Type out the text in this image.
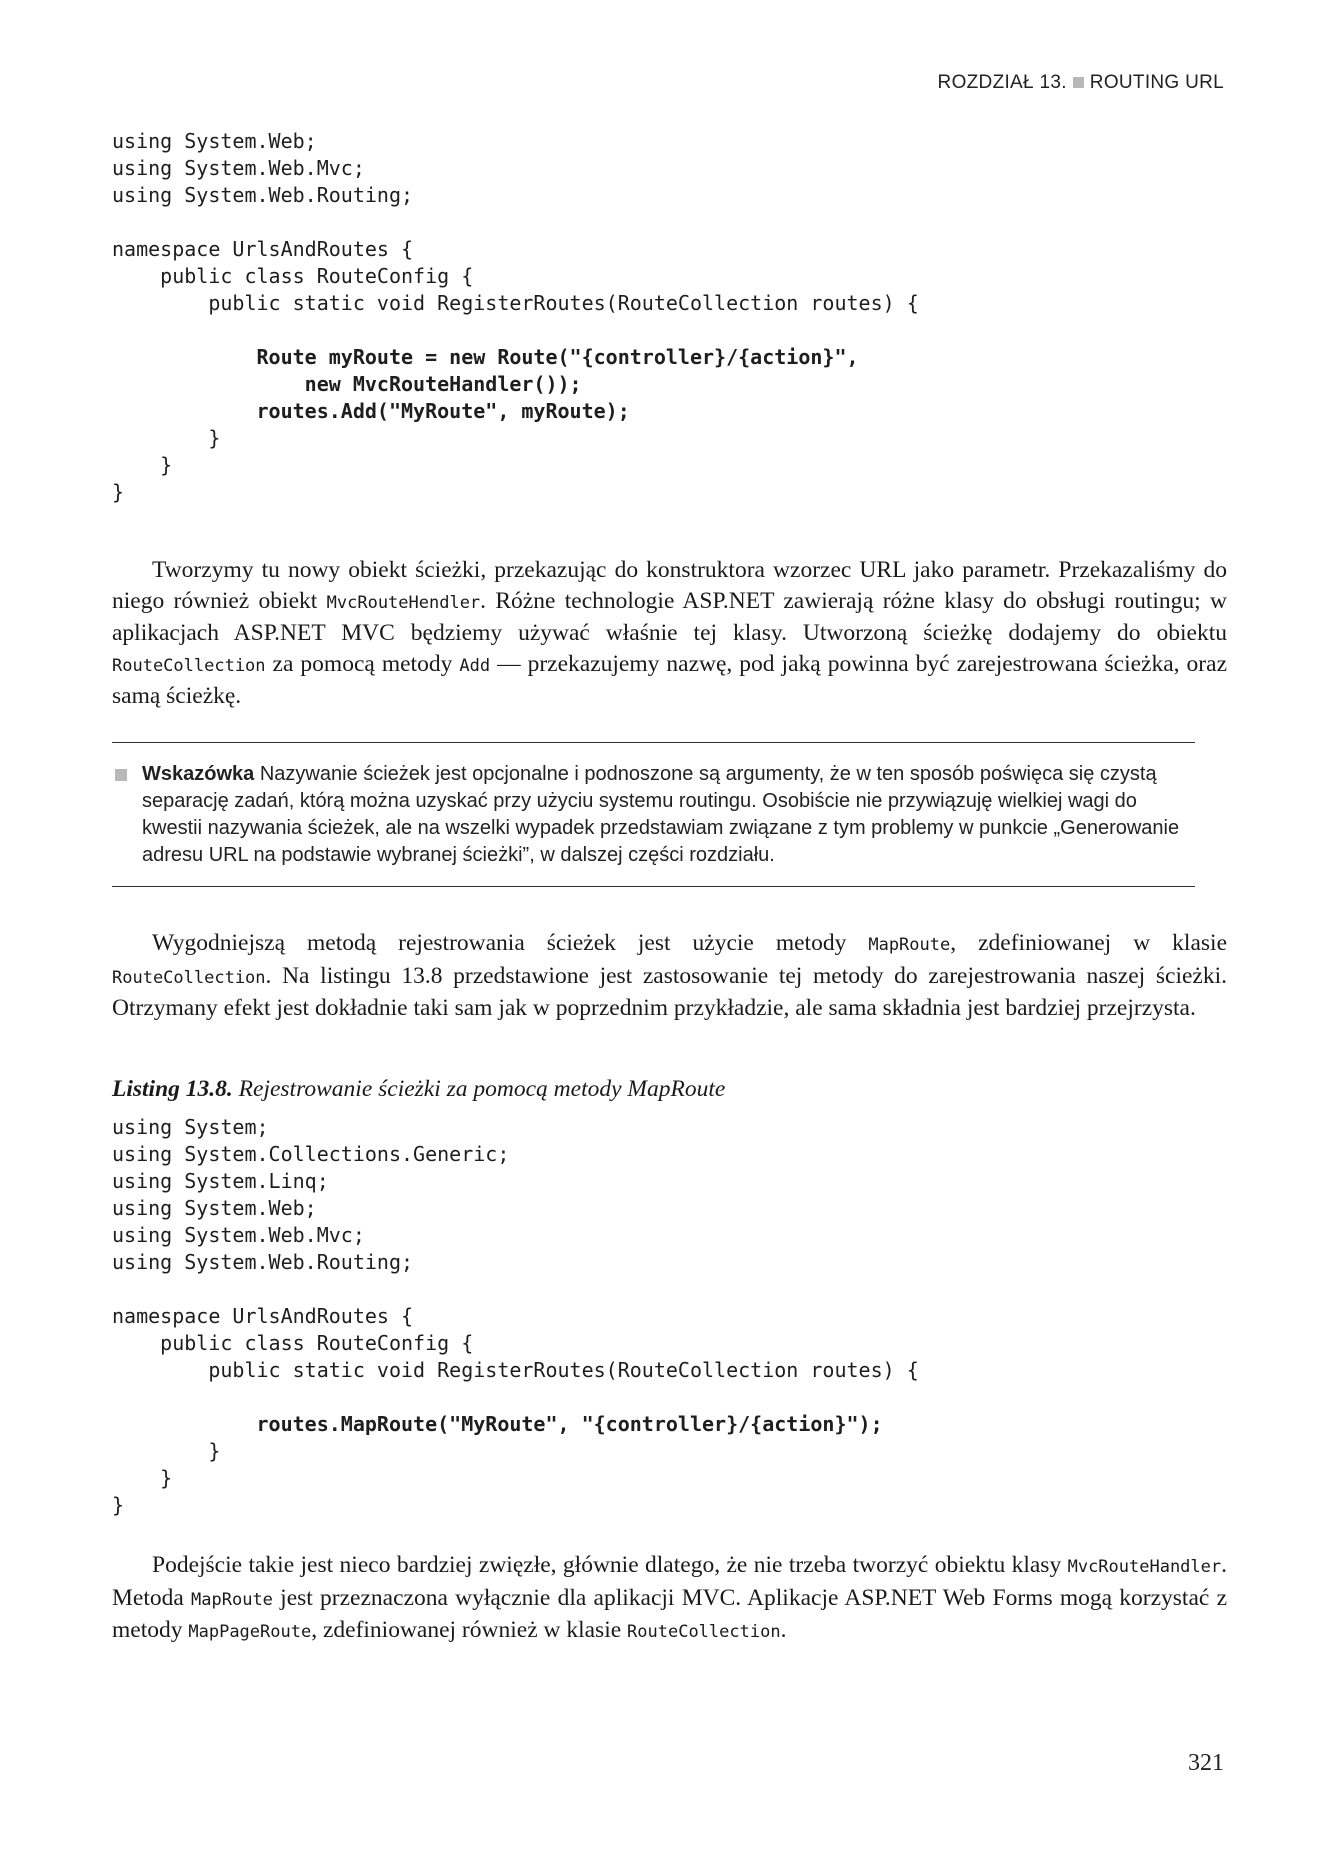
ROZDZIAŁ 13. ROUTING URL
using System.Web;
using System.Web.Mvc;
using System.Web.Routing;
namespace UrlsAndRoutes {
public class RouteConfig {
public static void RegisterRoutes(RouteCollection routes) {
Route myRoute = new Route("{controller}/{action}",
new MvcRouteHandler());
routes.Add("MyRoute", myRoute);
}
}
}

Tworzymy tu nowy obiekt ścieżki, przekazując do konstruktora wzorzec URL jako parametr. Przekazaliśmy do niego również obiekt MvcRouteHendler. Różne technologie ASP.NET zawierają różne klasy do obsługi routingu; w aplikacjach ASP.NET MVC będziemy używać właśnie tej klasy. Utworzoną ścieżkę dodajemy do obiektu RouteCollection za pomocą metody Add — przekazujemy nazwę, pod jaką powinna być zarejestrowana ścieżka, oraz samą ścieżkę.

Wskazówka Nazywanie ścieżek jest opcjonalne i podnoszone są argumenty, że w ten sposób poświęca się czystą separację zadań, którą można uzyskać przy użyciu systemu routingu. Osobiście nie przywiązuję wielkiej wagi do kwestii nazywania ścieżek, ale na wszelki wypadek przedstawiam związane z tym problemy w punkcie „Generowanie adresu URL na podstawie wybranej ścieżki”, w dalszej części rozdziału.

Wygodniejszą metodą rejestrowania ścieżek jest użycie metody MapRoute, zdefiniowanej w klasie RouteCollection. Na listingu 13.8 przedstawione jest zastosowanie tej metody do zarejestrowania naszej ścieżki. Otrzymany efekt jest dokładnie taki sam jak w poprzednim przykładzie, ale sama składnia jest bardziej przejrzysta.

Listing 13.8. Rejestrowanie ścieżki za pomocą metody MapRoute
using System;
using System.Collections.Generic;
using System.Linq;
using System.Web;
using System.Web.Mvc;
using System.Web.Routing;
namespace UrlsAndRoutes {
public class RouteConfig {
public static void RegisterRoutes(RouteCollection routes) {
routes.MapRoute("MyRoute", "{controller}/{action}");
}
}
}

Podejście takie jest nieco bardziej zwięzłe, głównie dlatego, że nie trzeba tworzyć obiektu klasy MvcRouteHandler. Metoda MapRoute jest przeznaczona wyłącznie dla aplikacji MVC. Aplikacje ASP.NET Web Forms mogą korzystać z metody MapPageRoute, zdefiniowanej również w klasie RouteCollection.

321
